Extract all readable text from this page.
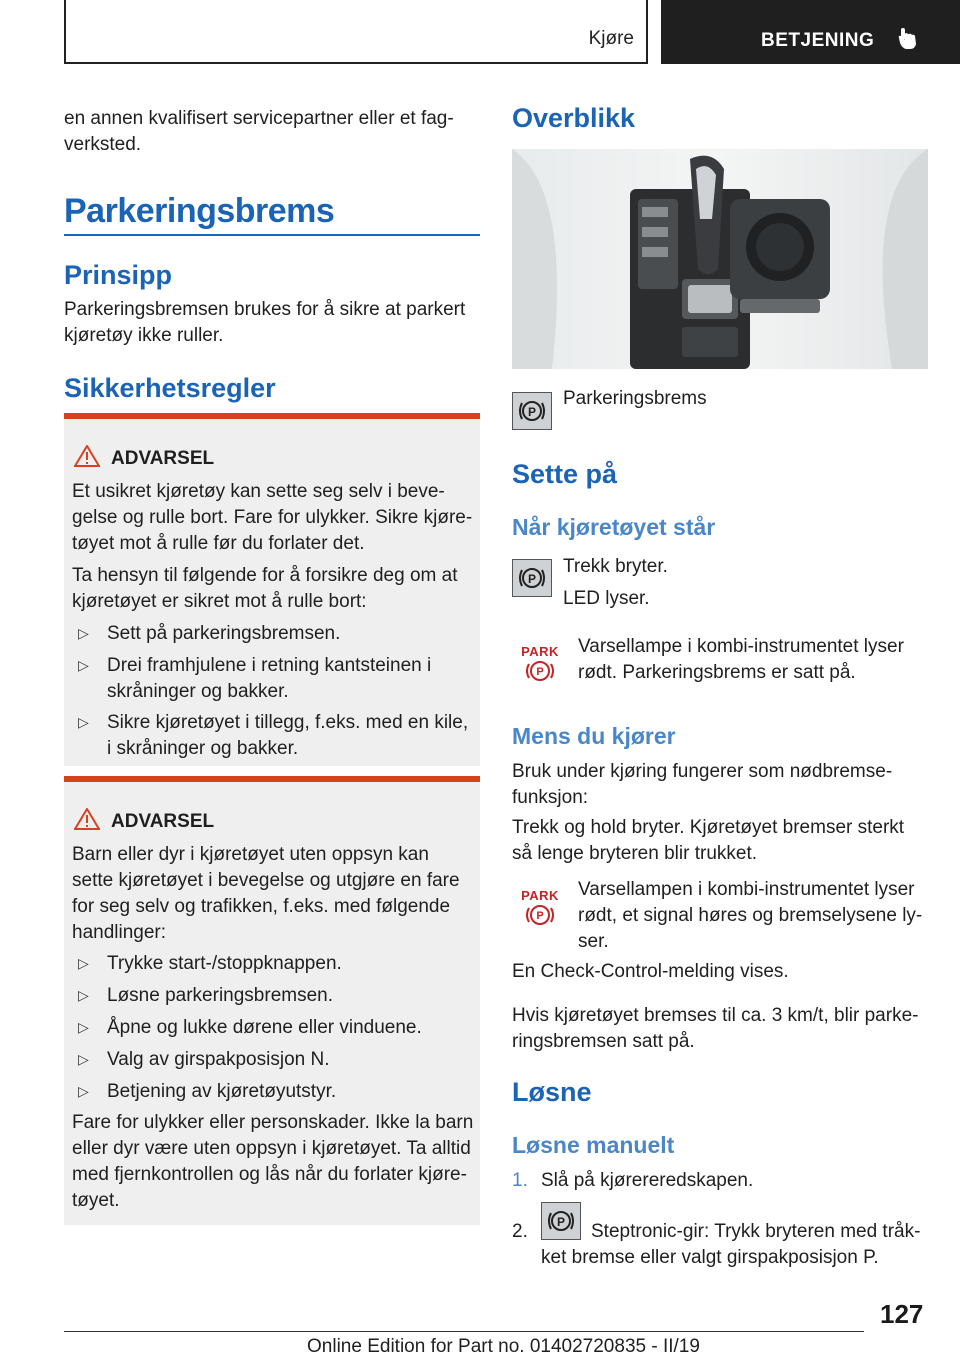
Kjøre	BETJENING
en annen kvalifisert servicepartner eller et fag-
verksted.
Parkeringsbrems
Prinsipp
Parkeringsbremsen brukes for å sikre at parkert
kjøretøy ikke ruller.
Sikkerhetsregler
ADVARSEL
Et usikret kjøretøy kan sette seg selv i beve-
gelse og rulle bort. Fare for ulykker. Sikre kjøre-
tøyet mot å rulle før du forlater det.
Ta hensyn til følgende for å forsikre deg om at
kjøretøyet er sikret mot å rulle bort:
▷ Sett på parkeringsbremsen.
▷ Drei framhjulene i retning kantsteinen i
skråninger og bakker.
▷ Sikre kjøretøyet i tillegg, f.eks. med en kile,
i skråninger og bakker.
ADVARSEL
Barn eller dyr i kjøretøyet uten oppsyn kan
sette kjøretøyet i bevegelse og utgjøre en fare
for seg selv og trafikken, f.eks. med følgende
handlinger:
▷ Trykke start-/stoppknappen.
▷ Løsne parkeringsbremsen.
▷ Åpne og lukke dørene eller vinduene.
▷ Valg av girspakposisjon N.
▷ Betjening av kjøretøyutstyr.
Fare for ulykker eller personskader. Ikke la barn
eller dyr være uten oppsyn i kjøretøyet. Ta alltid
med fjernkontrollen og lås når du forlater kjøre-
tøyet.
Overblikk
P
Parkeringsbrems
Sette på
Når kjøretøyet står
P
Trekk bryter.
LED lyser.
PARK
P
Varsellampe i kombi-instrumentet lyser
rødt. Parkeringsbrems er satt på.
Mens du kjører
Bruk under kjøring fungerer som nødbremse-
funksjon:
Trekk og hold bryter. Kjøretøyet bremser sterkt
så lenge bryteren blir trukket.
PARK
P
Varsellampen i kombi-instrumentet lyser
rødt, et signal høres og bremselysene ly-
ser.
En Check-Control-melding vises.
Hvis kjøretøyet bremses til ca. 3 km/t, blir parke-
ringsbremsen satt på.
Løsne
Løsne manuelt
1. Slå på kjørereredskapen.
2. P Steptronic-gir: Trykk bryteren med tråk-
ket bremse eller valgt girspakposisjon P.
127
Online Edition for Part no. 01402720835 - II/19
